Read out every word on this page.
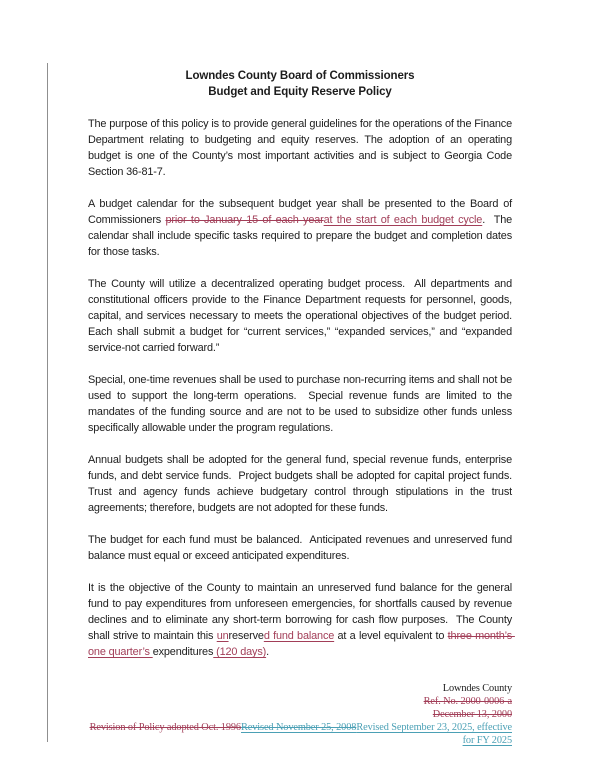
Lowndes County Board of Commissioners
Budget and Equity Reserve Policy

The purpose of this policy is to provide general guidelines for the operations of the Finance Department relating to budgeting and equity reserves. The adoption of an operating budget is one of the County’s most important activities and is subject to Georgia Code Section 36-81-7.

A budget calendar for the subsequent budget year shall be presented to the Board of Commissioners prior to January 15 of each yearat the start of each budget cycle.  The calendar shall include specific tasks required to prepare the budget and completion dates for those tasks.

The County will utilize a decentralized operating budget process.  All departments and constitutional officers provide to the Finance Department requests for personnel, goods, capital, and services necessary to meets the operational objectives of the budget period.  Each shall submit a budget for “current services,” “expanded services,” and “expanded service-not carried forward.”

Special, one-time revenues shall be used to purchase non-recurring items and shall not be used to support the long-term operations.  Special revenue funds are limited to the mandates of the funding source and are not to be used to subsidize other funds unless specifically allowable under the program regulations.

Annual budgets shall be adopted for the general fund, special revenue funds, enterprise funds, and debt service funds.  Project budgets shall be adopted for capital project funds.  Trust and agency funds achieve budgetary control through stipulations in the trust agreements; therefore, budgets are not adopted for these funds.

The budget for each fund must be balanced.  Anticipated revenues and unreserved fund balance must equal or exceed anticipated expenditures.

It is the objective of the County to maintain an unreserved fund balance for the general fund to pay expenditures from unforeseen emergencies, for shortfalls caused by revenue declines and to eliminate any short-term borrowing for cash flow purposes.  The County shall strive to maintain this unreserved fund balance at a level equivalent to three month’s one quarter’s expenditures (120 days).

Lowndes County
Ref. No. 2000-0006-a
December 13, 2000
Revision of Policy adopted Oct. 1996Revised November 25, 2008Revised September 23, 2025, effective for FY 2025
